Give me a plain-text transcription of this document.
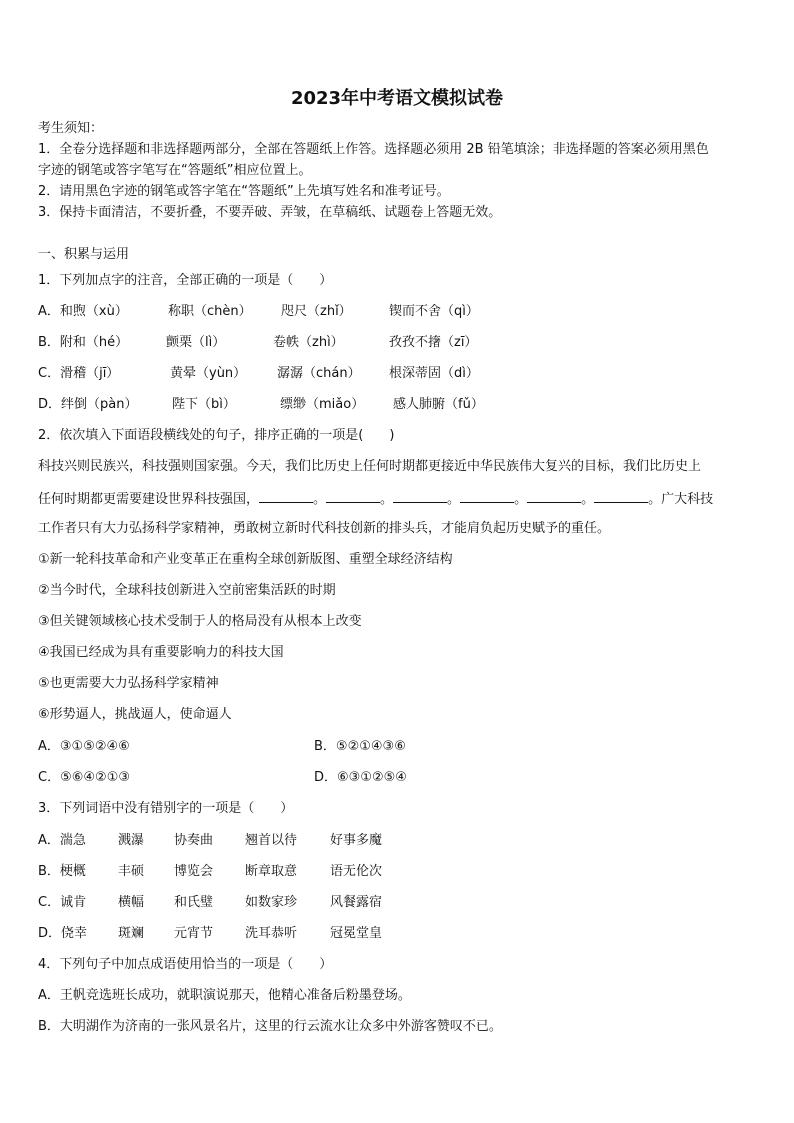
2023年中考语文模拟试卷
考生须知：
1．全卷分选择题和非选择题两部分，全部在答题纸上作答。选择题必须用 2B 铅笔填涂；非选择题的答案必须用黑色
字迹的钢笔或答字笔写在“答题纸”相应位置上。
2．请用黑色字迹的钢笔或答字笔在“答题纸”上先填写姓名和准考证号。
3．保持卡面清洁，不要折叠，不要弄破、弄皱，在草稿纸、试题卷上答题无效。
一、积累与运用
1．下列加点字的注音，全部正确的一项是（　　）
A．和煦（xù）	称职（chèn） 咫尺（zhǐ）	锲而不舍（qì）
B．附和（hé）	颤栗（lì）	卷帙（zhì）	孜孜不撦（zī）
C．滑稽（jī）	黄晕（yùn） 潺潺（chán） 根深蒂固（dì）
D．绊倒（pàn）	陛下（bì）	缥缈（miǎo） 感人肺腑（fǔ）
2．依次填入下面语段横线处的句子，排序正确的一项是(　　)
科技兴则民族兴，科技强则国家强。今天，我们比历史上任何时期都更接近中华民族伟大复兴的目标，我们比历史上
任何时期都更需要建设世界科技强国，	。	。	。	。	。	。广大科技
工作者只有大力弘扬科学家精神，勇敢树立新时代科技创新的排头兵，才能肩负起历史赋予的重任。
①新一轮科技革命和产业变革正在重构全球创新版图、重塑全球经济结构
②当今时代，全球科技创新进入空前密集活跃的时期
③但关键领域核心技术受制于人的格局没有从根本上改变
④我国已经成为具有重要影响力的科技大国
⑤也更需要大力弘扬科学家精神
⑥形势逼人，挑战逼人，使命逼人
A．③①⑤②④⑥	B．⑤②①④③⑥
C．⑤⑥④②①③	D．⑥③①②⑤④
3．下列词语中没有错别字的一项是（　　）
A．湍急 溅瀑 协奏曲 翘首以待	好事多魔
B．梗概 丰硕 博览会 断章取意	语无伦次
C．诚肯 横幅 和氏璧 如数家珍	风餐露宿
D．侥幸 斑斓 元宵节 洗耳恭听	冠冕堂皇
4．下列句子中加点成语使用恰当的一项是（　　）
A．王帆竞选班长成功，就职演说那天，他精心准备后粉墨登场。
B．大明湖作为济南的一张风景名片，这里的行云流水让众多中外游客赞叹不已。
